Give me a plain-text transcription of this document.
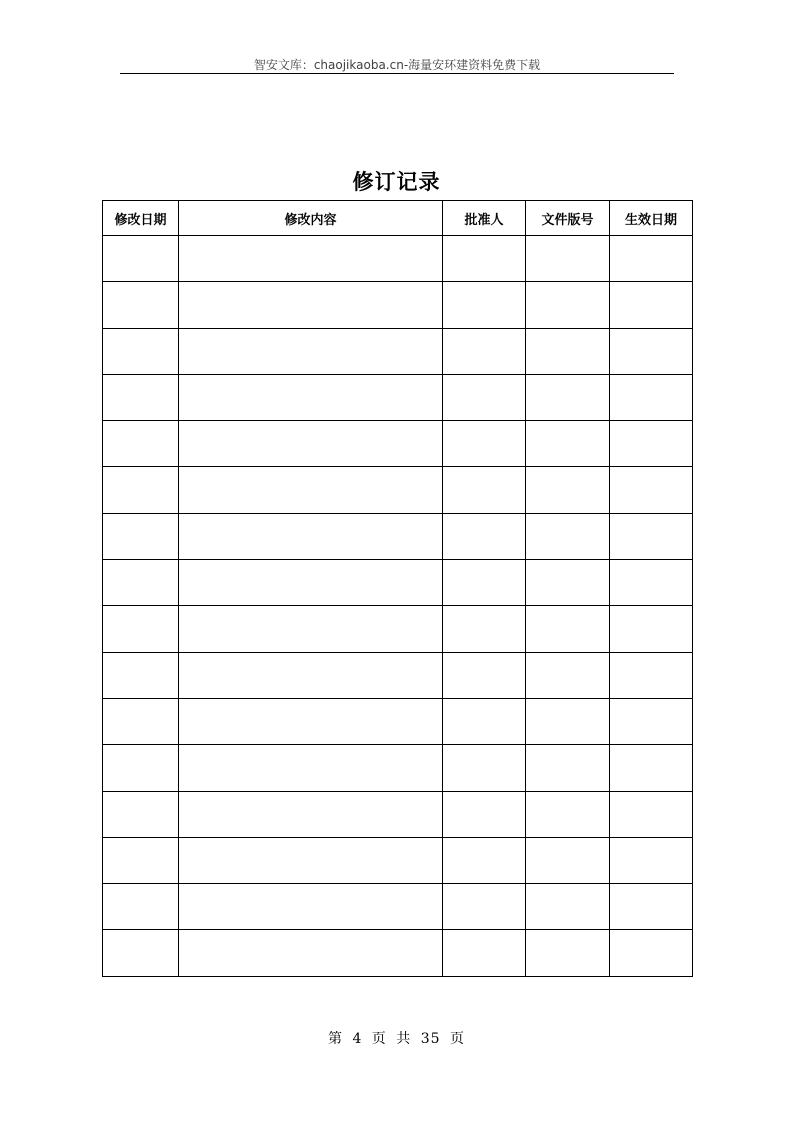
智安文库：chaojikaoba.cn-海量安环建资料免费下载
修订记录
修改日期	修改内容	批准人	文件版号	生效日期

第 4 页 共 35 页
